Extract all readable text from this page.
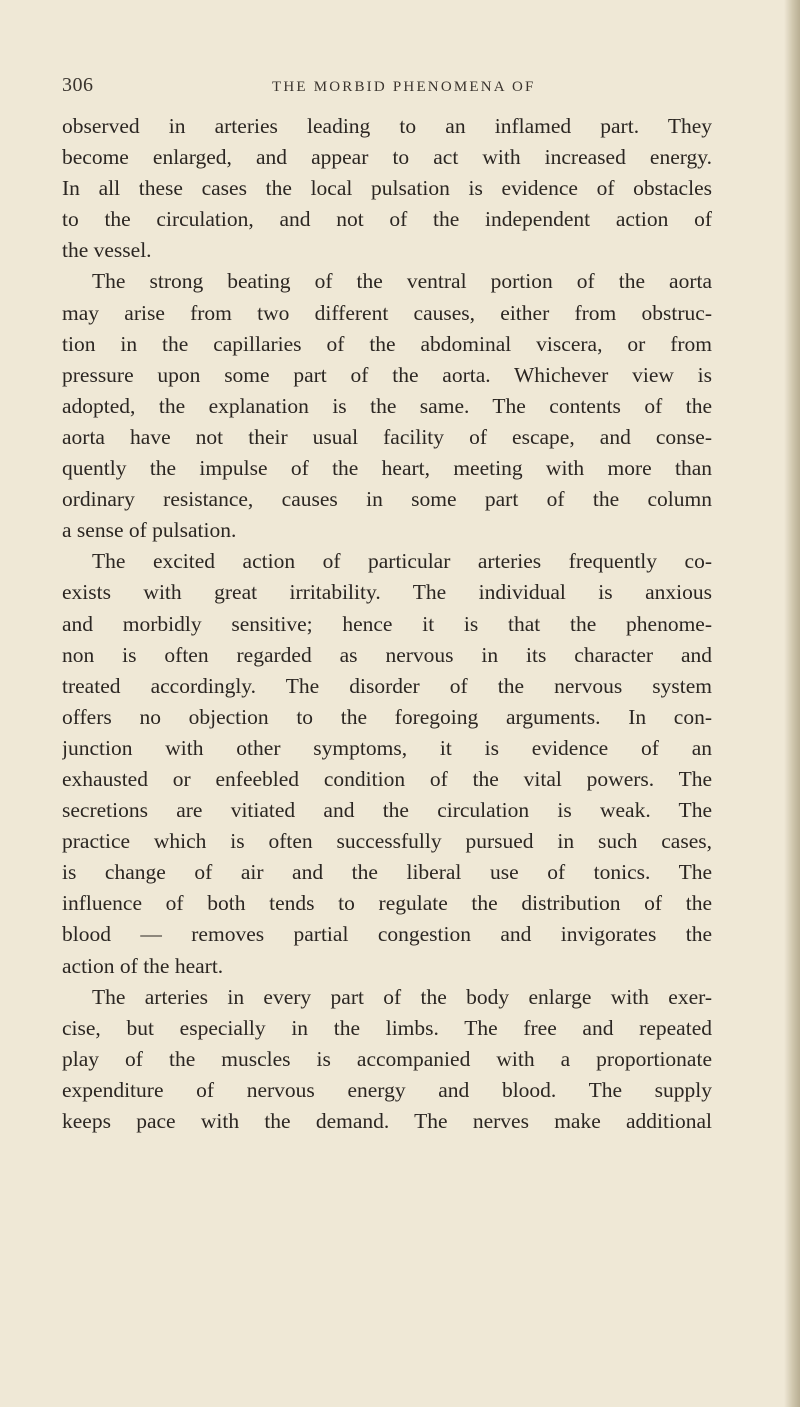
306	THE MORBID PHENOMENA OF
observed in arteries leading to an inflamed part. They
become enlarged, and appear to act with increased energy.
In all these cases the local pulsation is evidence of obstacles
to the circulation, and not of the independent action of
the vessel.
The strong beating of the ventral portion of the aorta
may arise from two different causes, either from obstruc-
tion in the capillaries of the abdominal viscera, or from
pressure upon some part of the aorta. Whichever view is
adopted, the explanation is the same. The contents of the
aorta have not their usual facility of escape, and conse-
quently the impulse of the heart, meeting with more than
ordinary resistance, causes in some part of the column
a sense of pulsation.
The excited action of particular arteries frequently co-
exists with great irritability. The individual is anxious
and morbidly sensitive; hence it is that the phenome-
non is often regarded as nervous in its character and
treated accordingly. The disorder of the nervous system
offers no objection to the foregoing arguments. In con-
junction with other symptoms, it is evidence of an
exhausted or enfeebled condition of the vital powers. The
secretions are vitiated and the circulation is weak. The
practice which is often successfully pursued in such cases,
is change of air and the liberal use of tonics. The
influence of both tends to regulate the distribution of the
blood — removes partial congestion and invigorates the
action of the heart.
The arteries in every part of the body enlarge with exer-
cise, but especially in the limbs. The free and repeated
play of the muscles is accompanied with a proportionate
expenditure of nervous energy and blood. The supply
keeps pace with the demand. The nerves make additional
